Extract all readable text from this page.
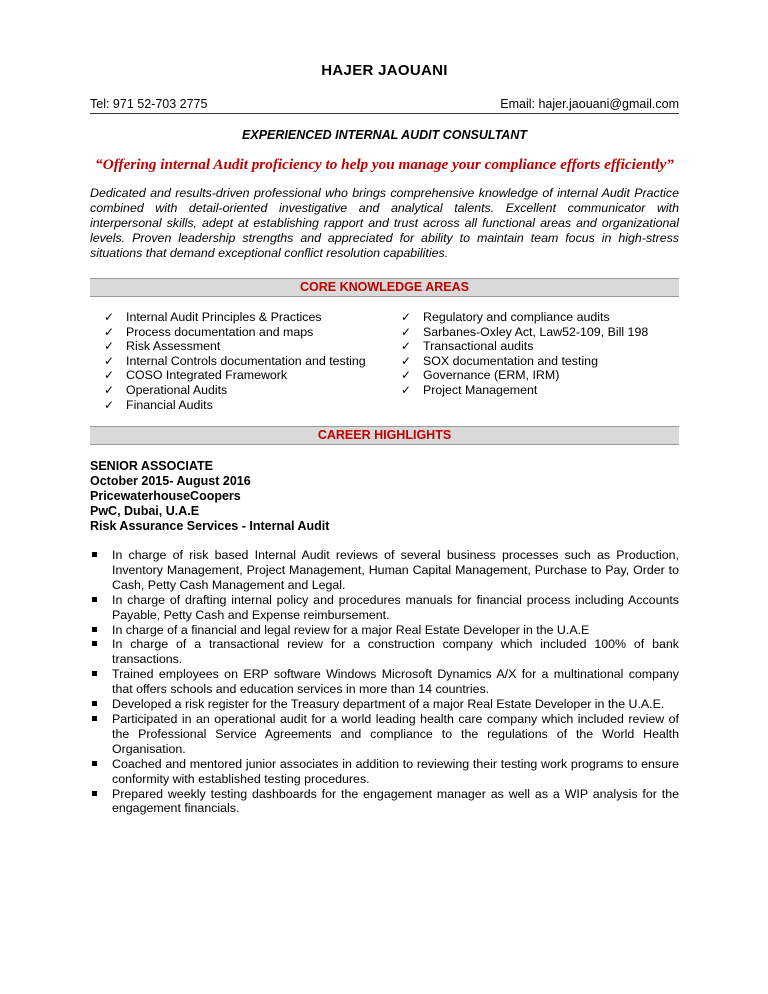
HAJER JAOUANI
Tel: 971 52-703 2775	Email: hajer.jaouani@gmail.com
EXPERIENCED INTERNAL AUDIT CONSULTANT
“Offering internal Audit proficiency to help you manage your compliance efforts efficiently”
Dedicated and results-driven professional who brings comprehensive knowledge of internal Audit Practice combined with detail-oriented investigative and analytical talents. Excellent communicator with interpersonal skills, adept at establishing rapport and trust across all functional areas and organizational levels. Proven leadership strengths and appreciated for ability to maintain team focus in high-stress situations that demand exceptional conflict resolution capabilities.
CORE KNOWLEDGE AREAS
✓ Internal Audit Principles & Practices
✓ Process documentation and maps
✓ Risk Assessment
✓ Internal Controls documentation and testing
✓ COSO Integrated Framework
✓ Operational Audits
✓ Financial Audits
✓ Regulatory and compliance audits
✓ Sarbanes-Oxley Act, Law52-109, Bill 198
✓ Transactional audits
✓ SOX documentation and testing
✓ Governance (ERM, IRM)
✓ Project Management
CAREER HIGHLIGHTS
SENIOR ASSOCIATE
October 2015- August 2016
PricewaterhouseCoopers
PwC, Dubai, U.A.E
Risk Assurance Services - Internal Audit
In charge of risk based Internal Audit reviews of several business processes such as Production, Inventory Management, Project Management, Human Capital Management, Purchase to Pay, Order to Cash, Petty Cash Management and Legal.
In charge of drafting internal policy and procedures manuals for financial process including Accounts Payable, Petty Cash and Expense reimbursement.
In charge of a financial and legal review for a major Real Estate Developer in the U.A.E
In charge of a transactional review for a construction company which included 100% of bank transactions.
Trained employees on ERP software Windows Microsoft Dynamics A/X for a multinational company that offers schools and education services in more than 14 countries.
Developed a risk register for the Treasury department of a major Real Estate Developer in the U.A.E.
Participated in an operational audit for a world leading health care company which included review of the Professional Service Agreements and compliance to the regulations of the World Health Organisation.
Coached and mentored junior associates in addition to reviewing their testing work programs to ensure conformity with established testing procedures.
Prepared weekly testing dashboards for the engagement manager as well as a WIP analysis for the engagement financials.
